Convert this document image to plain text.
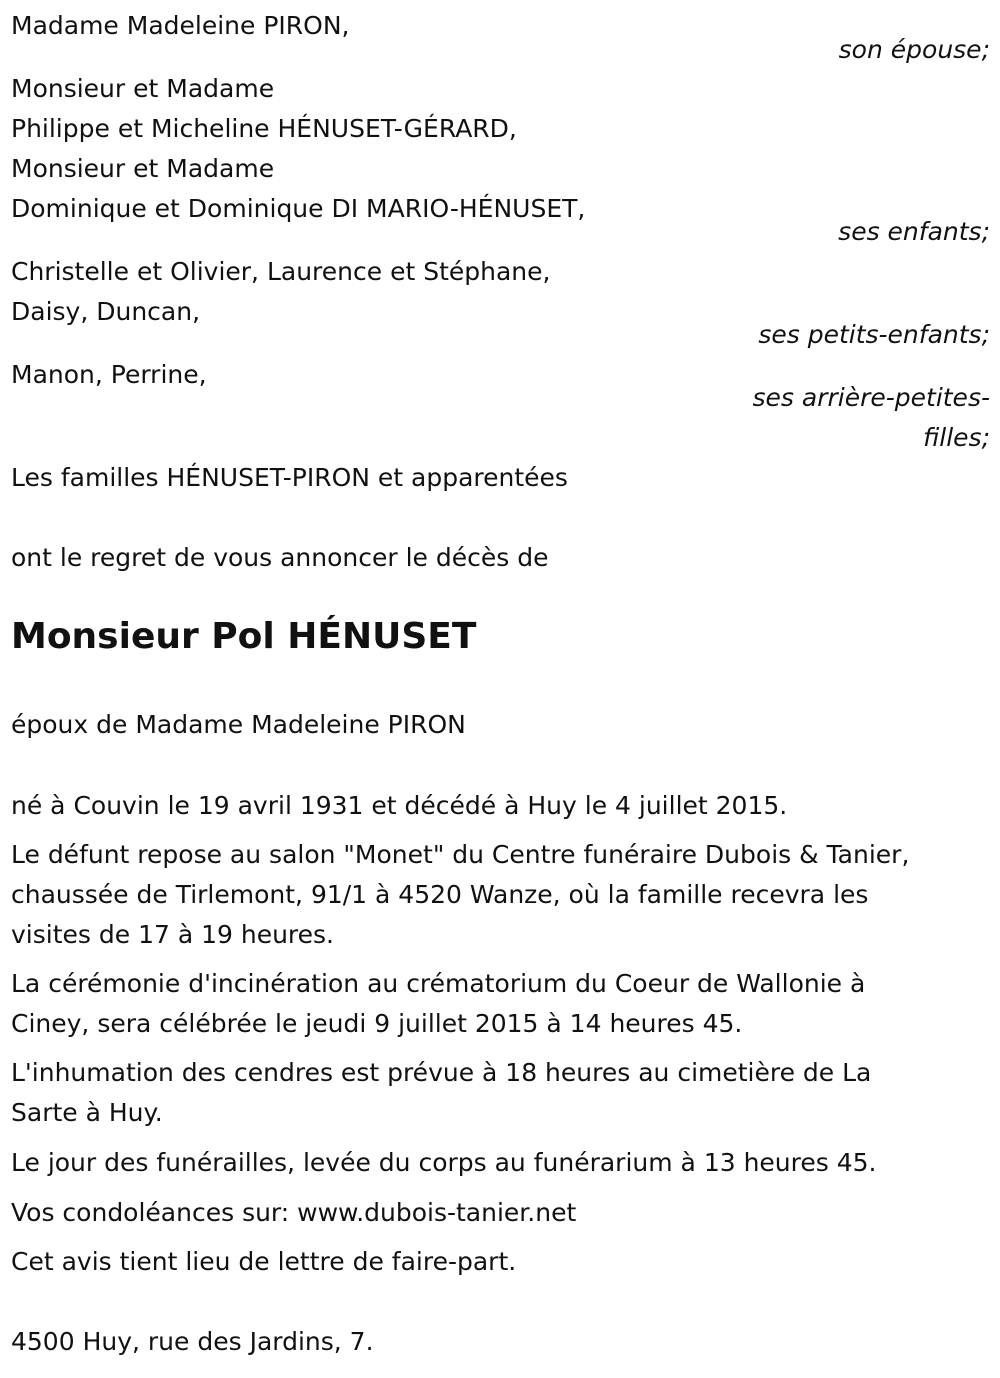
Madame Madeleine PIRON,
son épouse;
Monsieur et Madame
Philippe et Micheline HÉNUSET-GÉRARD,
Monsieur et Madame
Dominique et Dominique DI MARIO-HÉNUSET,
ses enfants;
Christelle et Olivier, Laurence et Stéphane,
Daisy, Duncan,
ses petits-enfants;
Manon, Perrine,
ses arrière-petites-
filles;
Les familles HÉNUSET-PIRON et apparentées
ont le regret de vous annoncer le décès de
Monsieur Pol HÉNUSET
époux de Madame Madeleine PIRON
né à Couvin le 19 avril 1931 et décédé à Huy le 4 juillet 2015.
Le défunt repose au salon "Monet" du Centre funéraire Dubois & Tanier,
chaussée de Tirlemont, 91/1 à 4520 Wanze, où la famille recevra les
visites de 17 à 19 heures.
La cérémonie d'incinération au crématorium du Coeur de Wallonie à
Ciney, sera célébrée le jeudi 9 juillet 2015 à 14 heures 45.
L'inhumation des cendres est prévue à 18 heures au cimetière de La
Sarte à Huy.
Le jour des funérailles, levée du corps au funérarium à 13 heures 45.
Vos condoléances sur: www.dubois-tanier.net
Cet avis tient lieu de lettre de faire-part.
4500 Huy, rue des Jardins, 7.
